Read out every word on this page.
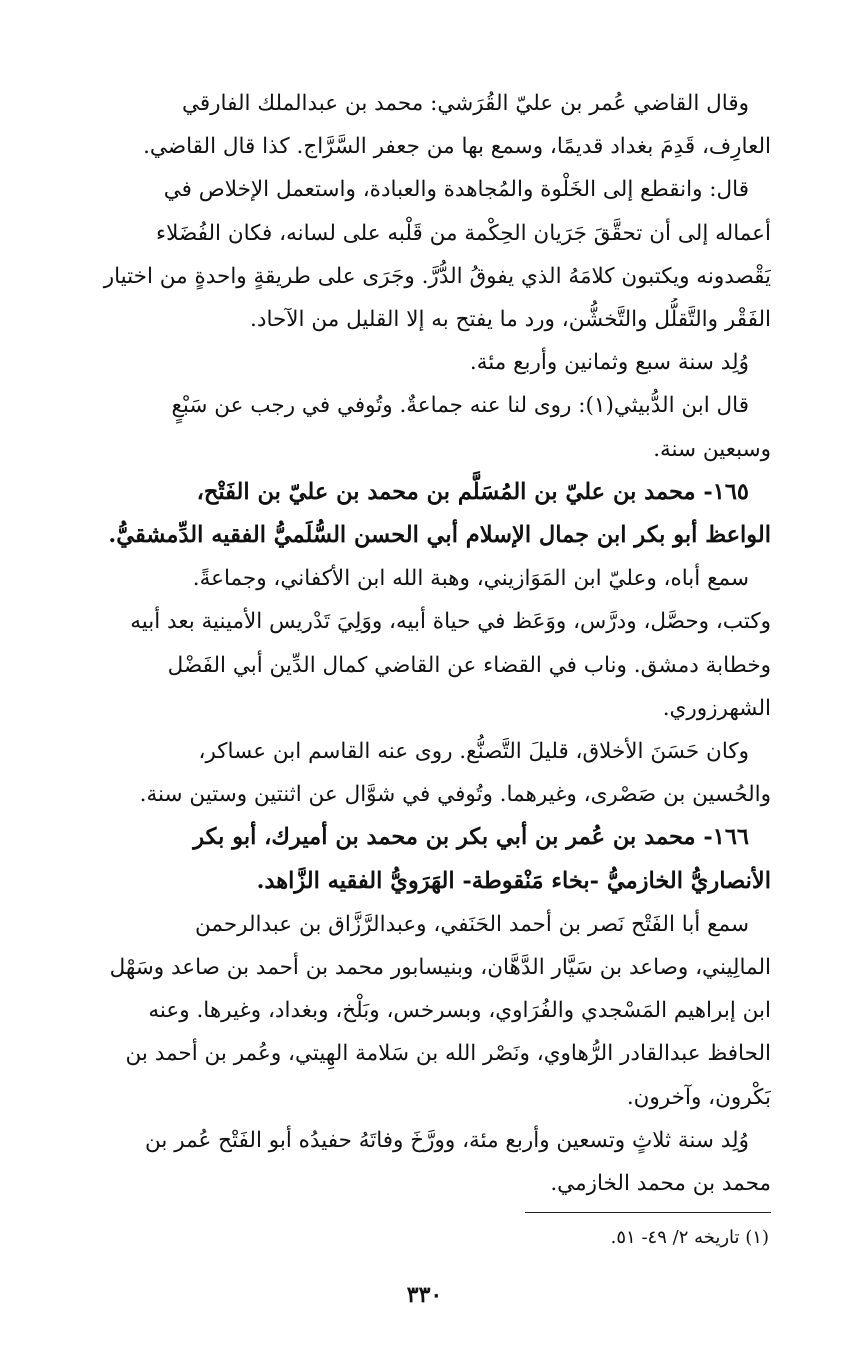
وقال القاضي عُمر بن عليّ القُرَشي: محمد بن عبدالملك الفارقي
العارِف، قَدِمَ بغداد قديمًا، وسمع بها من جعفر السَّرَّاج. كذا قال القاضي.

قال: وانقطع إلى الخَلْوة والمُجاهدة والعبادة، واستعمل الإخلاص في
أعماله إلى أن تحقَّقَ جَرَيان الحِكْمة من قَلْبه على لسانه، فكان الفُضَلاء
يَقْصدونه ويكتبون كلامَهُ الذي يفوقُ الدُّرَّ. وجَرَى على طريقةٍ واحدةٍ من اختيار
الفَقْر والتَّقلُّل والتَّخشُّن، ورد ما يفتح به إلا القليل من الآحاد.

وُلِد سنة سبع وثمانين وأربع مئة.

قال ابن الدُّبيثي(١): روى لنا عنه جماعةٌ. وتُوفي في رجب عن سَبْعٍ
وسبعين سنة.

١٦٥- محمد بن عليّ بن المُسَلَّم بن محمد بن عليّ بن الفَتْح،
الواعظ أبو بكر ابن جمال الإسلام أبي الحسن السُّلَميُّ الفقيه الدِّمشقيُّ.

سمع أباه، وعليّ ابن المَوَازيني، وهبة الله ابن الأكفاني، وجماعةً.
وكتب، وحصَّل، ودرَّس، ووَعَظ في حياة أبيه، ووَلِيَ تَدْريس الأمينية بعد أبيه
وخطابة دمشق. وناب في القضاء عن القاضي كمال الدِّين أبي الفَضْل
الشهرزوري.

وكان حَسَنَ الأخلاق، قليلَ التَّصنُّع. روى عنه القاسم ابن عساكر،
والحُسين بن صَصْرى، وغيرهما. وتُوفي في شوَّال عن اثنتين وستين سنة.

١٦٦- محمد بن عُمر بن أبي بكر بن محمد بن أميرك، أبو بكر
الأنصاريُّ الخازميُّ -بخاء مَنْقوطة- الهَرَويُّ الفقيه الزَّاهد.

سمع أبا الفَتْح نَصر بن أحمد الحَنَفي، وعبدالرَّزَّاق بن عبدالرحمن
المالِيني، وصاعد بن سَيَّار الدَّهَّان، وبنيسابور محمد بن أحمد بن صاعد وسَهْل
ابن إبراهيم المَسْجدي والفُرَاوي، وبسرخس، وبَلْخ، وبغداد، وغيرها. وعنه
الحافظ عبدالقادر الرُّهاوي، ونَصْر الله بن سَلامة الهِيتي، وعُمر بن أحمد بن
بَكْرون، وآخرون.

وُلِد سنة ثلاثٍ وتسعين وأربع مئة، وورَّخَ وفاتَهُ حفيدُه أبو الفَتْح عُمر بن
محمد بن محمد الخازمي.

(١) تاريخه ٢/ ٤٩- ٥١.
٣٣٠
